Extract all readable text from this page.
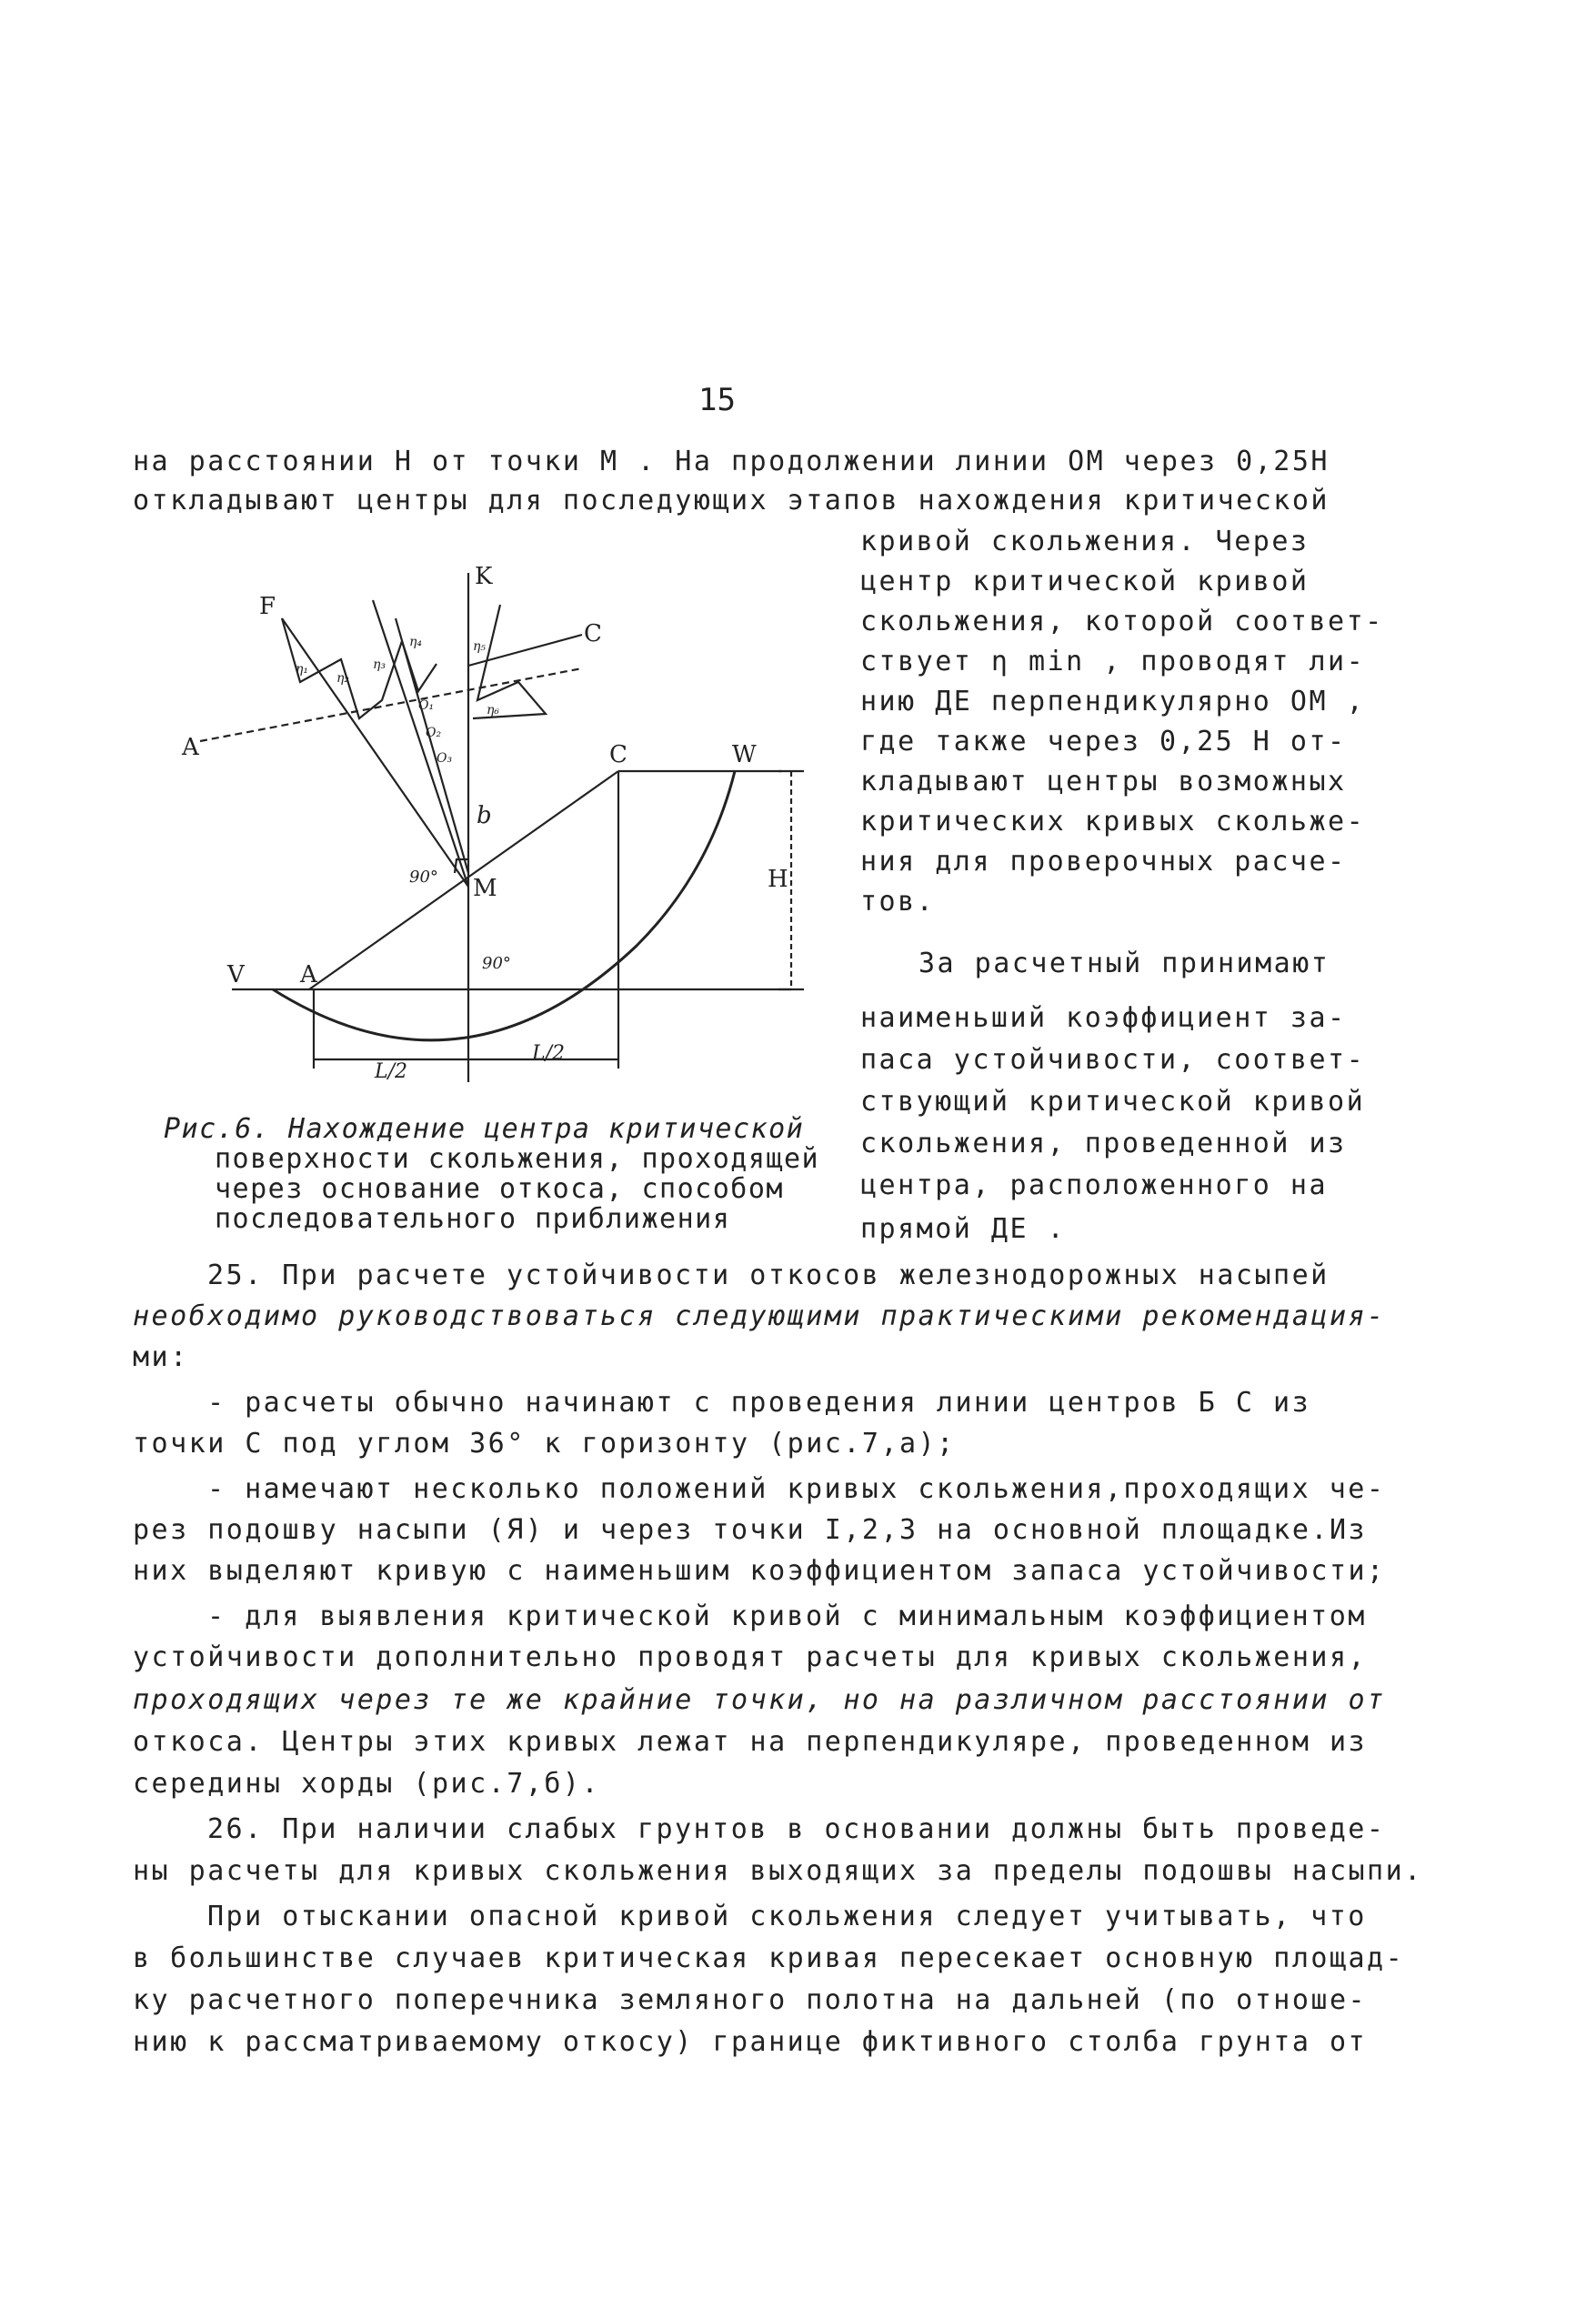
15
на расстоянии H от точки M . На продолжении линии OM через 0,25H
откладывают центры для последующих этапов нахождения критической
кривой скольжения. Через
центр критической кривой
скольжения, которой соответ-
ствует η min , проводят ли-
нию ДЕ перпендикулярно OM ,
где также через 0,25 H от-
кладывают центры возможных
критических кривых скольже-
ния для проверочных расче-
тов.
За расчетный принимают
наименьший коэффициент за-
паса устойчивости, соответ-
ствующий критической кривой
скольжения, проведенной из
центра, расположенного на
прямой ДЕ .
K
F
C
A	C	W
H
b
M
V A
90°
90°
L/2
L/2
η₁
η₂
η₃
η₄	η₅
η₆
O₁
O₂
O₃
Рис.6. Нахождение центра критической
поверхности скольжения, проходящей
через основание откоса, способом
последовательного приближения
25. При расчете устойчивости откосов железнодорожных насыпей
необходимо руководствоваться следующими практическими рекомендация-
ми:
- расчеты обычно начинают с проведения линии центров Б С из
точки С под углом 36° к горизонту (рис.7,а);
- намечают несколько положений кривых скольжения,проходящих че-
рез подошву насыпи (Я) и через точки I,2,3 на основной площадке.Из
них выделяют кривую с наименьшим коэффициентом запаса устойчивости;
- для выявления критической кривой с минимальным коэффициентом
устойчивости дополнительно проводят расчеты для кривых скольжения,
проходящих через те же крайние точки, но на различном расстоянии от
откоса. Центры этих кривых лежат на перпендикуляре, проведенном из
середины хорды (рис.7,б).
26. При наличии слабых грунтов в основании должны быть проведе-
ны расчеты для кривых скольжения выходящих за пределы подошвы насыпи.
При отыскании опасной кривой скольжения следует учитывать, что
в большинстве случаев критическая кривая пересекает основную площад-
ку расчетного поперечника земляного полотна на дальней (по отноше-
нию к рассматриваемому откосу) границе фиктивного столба грунта от
